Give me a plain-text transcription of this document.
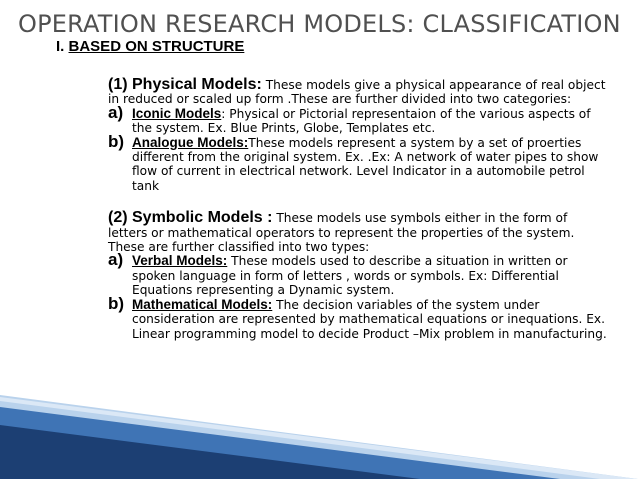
OPERATION RESEARCH MODELS: CLASSIFICATION
I. BASED ON STRUCTURE
(1) Physical Models: These models give a physical appearance of real object in reduced or scaled up form .These are further divided into two categories:
a) Iconic Models: Physical or Pictorial representaion of the various aspects of the system. Ex. Blue Prints, Globe, Templates etc.
b) Analogue Models:These models represent a system by a set of proerties different from the original system. Ex. .Ex: A network of water pipes to show flow of current in electrical network. Level Indicator in a automobile petrol tank
(2) Symbolic Models : These models use symbols either in the form of letters or mathematical operators to represent the properties of the system. These are further classified into two types:
a) Verbal Models: These models used to describe a situation in written or spoken language in form of letters , words or symbols. Ex: Differential Equations representing a Dynamic system.
b) Mathematical Models: The decision variables of the system under consideration are represented by mathematical equations or inequations. Ex. Linear programming model to decide Product –Mix problem in manufacturing.
